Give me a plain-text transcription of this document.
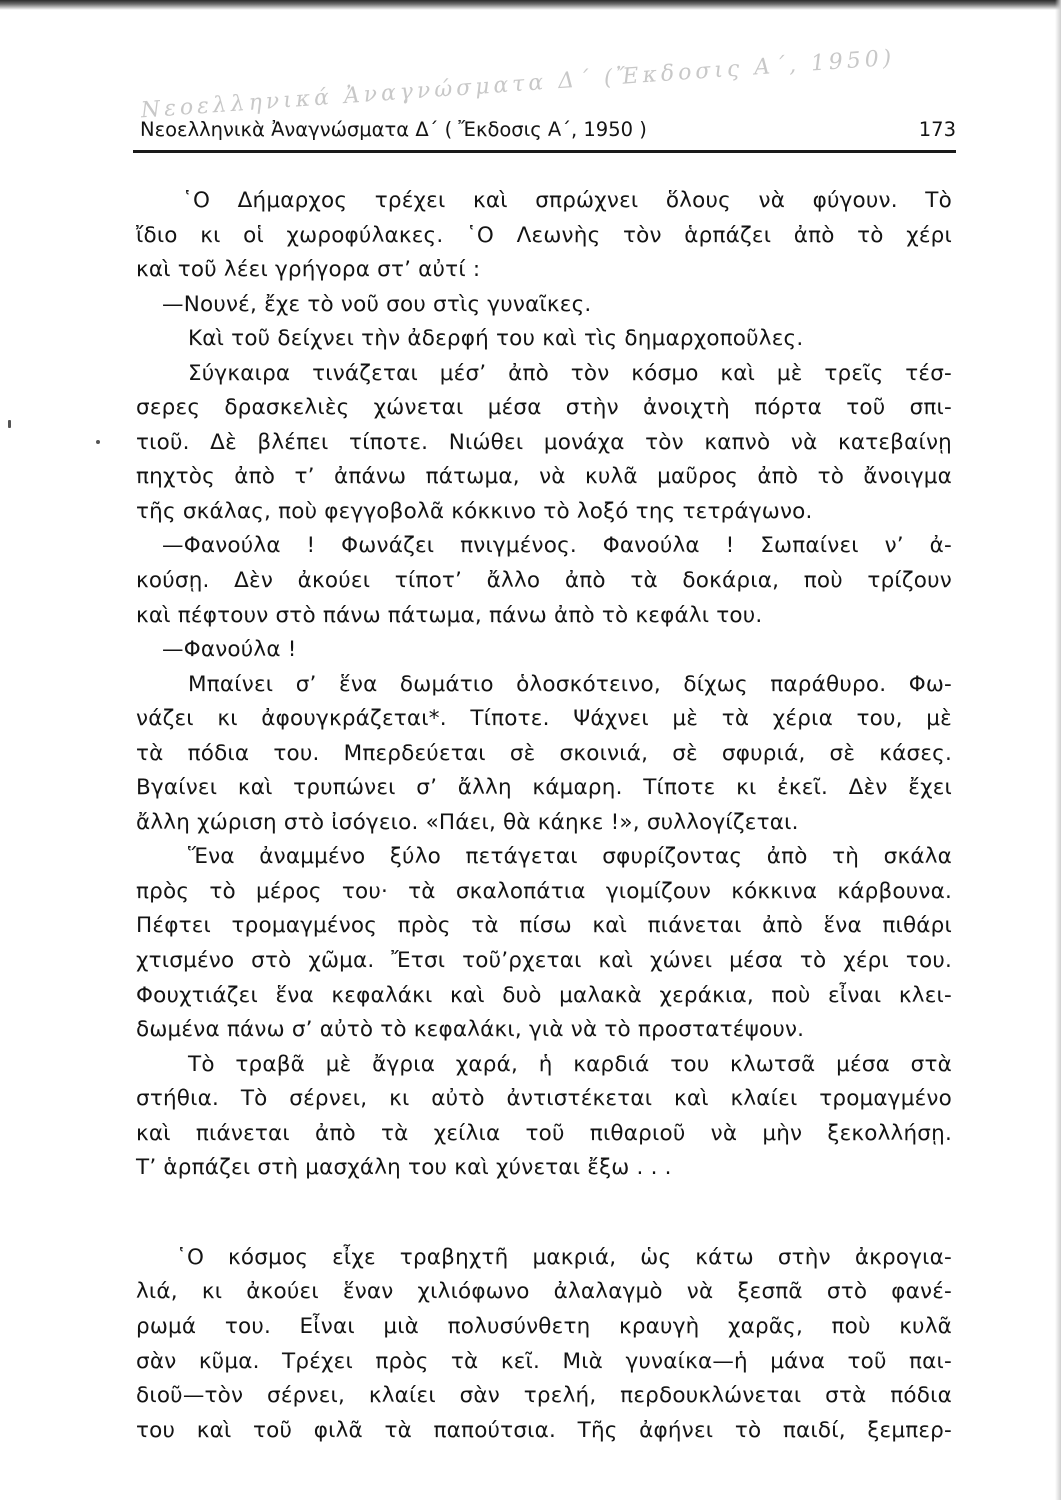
Νεοελληνικά Ἀναγνώσματα Δ΄ (Ἔκδοσις Α΄, 1950)
Νεοελληνικὰ Ἀναγνώσματα Δ΄ ( Ἔκδοσις Α΄, 1950 )	173
῾Ο Δήμαρχος τρέχει καὶ σπρώχνει ὅλους νὰ φύγουν. Τὸ
ἴδιο κι οἱ χωροφύλακες. ῾Ο Λεωνὴς τὸν ἁρπάζει ἀπὸ τὸ χέρι
καὶ τοῦ λέει γρήγορα στ’ αὐτί :
—Νουνέ, ἔχε τὸ νοῦ σου στὶς γυναῖκες.
Καὶ τοῦ δείχνει τὴν ἀδερφή του καὶ τὶς δημαρχοποῦλες.
Σύγκαιρα τινάζεται μέσ’ ἀπὸ τὸν κόσμο καὶ μὲ τρεῖς τέσ-
σερες δρασκελιὲς χώνεται μέσα στὴν ἀνοιχτὴ πόρτα τοῦ σπι-
τιοῦ. Δὲ βλέπει τίποτε. Νιώθει μονάχα τὸν καπνὸ νὰ κατεβαίνῃ
πηχτὸς ἀπὸ τ’ ἀπάνω πάτωμα, νὰ κυλᾶ μαῦρος ἀπὸ τὸ ἄνοιγμα
τῆς σκάλας, ποὺ φεγγοβολᾶ κόκκινο τὸ λοξό της τετράγωνο.
—Φανούλα ! Φωνάζει πνιγμένος. Φανούλα ! Σωπαίνει ν’ ἀ-
κούσῃ. Δὲν ἀκούει τίποτ’ ἄλλο ἀπὸ τὰ δοκάρια, ποὺ τρίζουν
καὶ πέφτουν στὸ πάνω πάτωμα, πάνω ἀπὸ τὸ κεφάλι του.
—Φανούλα !
Μπαίνει σ’ ἕνα δωμάτιο ὁλοσκότεινο, δίχως παράθυρο. Φω-
νάζει κι ἀφουγκράζεται*. Τίποτε. Ψάχνει μὲ τὰ χέρια του, μὲ
τὰ πόδια του. Μπερδεύεται σὲ σκοινιά, σὲ σφυριά, σὲ κάσες.
Βγαίνει καὶ τρυπώνει σ’ ἄλλη κάμαρη. Τίποτε κι ἐκεῖ. Δὲν ἔχει
ἄλλη χώριση στὸ ἰσόγειο. «Πάει, θὰ κάηκε !», συλλογίζεται.
Ἕνα ἀναμμένο ξύλο πετάγεται σφυρίζοντας ἀπὸ τὴ σκάλα
πρὸς τὸ μέρος του· τὰ σκαλοπάτια γιομίζουν κόκκινα κάρβουνα.
Πέφτει τρομαγμένος πρὸς τὰ πίσω καὶ πιάνεται ἀπὸ ἕνα πιθάρι
χτισμένο στὸ χῶμα. Ἔτσι τοῦ’ρχεται καὶ χώνει μέσα τὸ χέρι του.
Φουχτιάζει ἕνα κεφαλάκι καὶ δυὸ μαλακὰ χεράκια, ποὺ εἶναι κλει-
δωμένα πάνω σ’ αὐτὸ τὸ κεφαλάκι, γιὰ νὰ τὸ προστατέψουν.
Τὸ τραβᾶ μὲ ἄγρια χαρά, ἡ καρδιά του κλωτσᾶ μέσα στὰ
στήθια. Τὸ σέρνει, κι αὐτὸ ἀντιστέκεται καὶ κλαίει τρομαγμένο
καὶ πιάνεται ἀπὸ τὰ χείλια τοῦ πιθαριοῦ νὰ μὴν ξεκολλήσῃ.
Τ’ ἁρπάζει στὴ μασχάλη του καὶ χύνεται ἔξω . . .
῾Ο κόσμος εἶχε τραβηχτῆ μακριά, ὡς κάτω στὴν ἀκρογια-
λιά, κι ἀκούει ἕναν χιλιόφωνο ἀλαλαγμὸ νὰ ξεσπᾶ στὸ φανέ-
ρωμά του. Εἶναι μιὰ πολυσύνθετη κραυγὴ χαρᾶς, ποὺ κυλᾶ
σὰν κῦμα. Τρέχει πρὸς τὰ κεῖ. Μιὰ γυναίκα—ἡ μάνα τοῦ παι-
διοῦ—τὸν σέρνει, κλαίει σὰν τρελή, περδουκλώνεται στὰ πόδια
του καὶ τοῦ φιλᾶ τὰ παπούτσια. Τῆς ἀφήνει τὸ παιδί, ξεμπερ-
